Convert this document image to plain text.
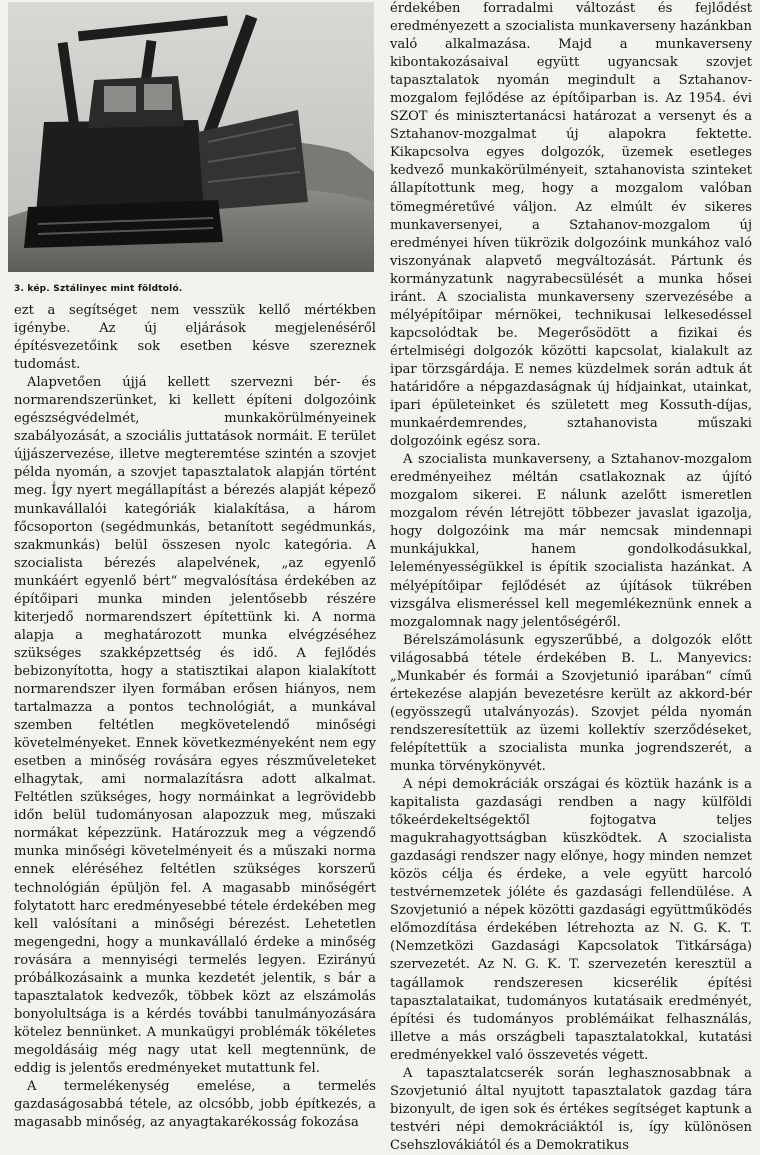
3. kép. Sztálinyec mint földtoló.

ezt a segítséget nem vesszük kellő mértékben igénybe. Az új eljárások megjelenéséről építésvezetőink sok esetben késve szereznek tudomást.

Alapvetően újjá kellett szervezni bér- és normarendszerünket, ki kellett építeni dolgozóink egészségvédelmét, munkakörülményeinek szabályozását, a szociális juttatások normáit. E terület újjászervezése, illetve megteremtése szintén a szovjet példa nyomán, a szovjet tapasztalatok alapján történt meg. Így nyert megállapítást a bérezés alapját képező munkavállalói kategóriák kialakítása, a három főcsoporton (segédmunkás, betanított segédmunkás, szakmunkás) belül összesen nyolc kategória. A szocialista bérezés alapelvének, „az egyenlő munkáért egyenlő bért“ megvalósítása érdekében az építőipari munka minden jelentősebb részére kiterjedő normarendszert építettünk ki. A norma alapja a meghatározott munka elvégzéséhez szükséges szakképzettség és idő. A fejlődés bebizonyította, hogy a statisztikai alapon kialakított normarendszer ilyen formában erősen hiányos, nem tartalmazza a pontos technológiát, a munkával szemben feltétlen megkövetelendő minőségi követelményeket. Ennek következményeként nem egy esetben a minőség rovására egyes részműveleteket elhagytak, ami normalazításra adott alkalmat. Feltétlen szükséges, hogy normáinkat a legrövidebb időn belül tudományosan alapozzuk meg, műszaki normákat képezzünk. Határozzuk meg a végzendő munka minőségi követelményeit és a műszaki norma ennek eléréséhez feltétlen szükséges korszerű technológián épüljön fel. A magasabb minőségért folytatott harc eredményesebbé tétele érdekében meg kell valósítani a minőségi bérezést. Lehetetlen megengedni, hogy a munkavállaló érdeke a minőség rovására a mennyiségi termelés legyen. Ezirányú próbálkozásaink a munka kezdetét jelentik, s bár a tapasztalatok kedvezők, többek közt az elszámolás bonyolultsága is a kérdés további tanulmányozására kötelez bennünket. A munkaügyi problémák tökéletes megoldásáig még nagy utat kell megtennünk, de eddig is jelentős eredményeket mutattunk fel.

A termelékenység emelése, a termelés gazdaságosabbá tétele, az olcsóbb, jobb építkezés, a magasabb minőség, az anyagtakarékosság fokozása

érdekében forradalmi változást és fejlődést eredményezett a szocialista munkaverseny hazánkban való alkalmazása. Majd a munkaverseny kibontakozásaival együtt ugyancsak szovjet tapasztalatok nyomán megindult a Sztahanov-mozgalom fejlődése az építőiparban is. Az 1954. évi SZOT és minisztertanácsi határozat a versenyt és a Sztahanov-mozgalmat új alapokra fektette. Kikapcsolva egyes dolgozók, üzemek esetleges kedvező munkakörülményeit, sztahanovista szinteket állapítottunk meg, hogy a mozgalom valóban tömegméretűvé váljon. Az elmúlt év sikeres munkaversenyei, a Sztahanov-mozgalom új eredményei híven tükrözik dolgozóink munkához való viszonyának alapvető megváltozását. Pártunk és kormányzatunk nagyrabecsülését a munka hősei iránt. A szocialista munkaverseny szervezésébe a mélyépítőipar mérnökei, technikusai lelkesedéssel kapcsolódtak be. Megerősödött a fizikai és értelmiségi dolgozók közötti kapcsolat, kialakult az ipar törzsgárdája. E nemes küzdelmek során adtuk át határidőre a népgazdaságnak új hídjainkat, utainkat, ipari épületeinket és született meg Kossuth-díjas, munkaérdemrendes, sztahanovista műszaki dolgozóink egész sora.

A szocialista munkaverseny, a Sztahanov-mozgalom eredményeihez méltán csatlakoznak az újító mozgalom sikerei. E nálunk azelőtt ismeretlen mozgalom révén létrejött többezer javaslat igazolja, hogy dolgozóink ma már nemcsak mindennapi munkájukkal, hanem gondolkodásukkal, leleményességükkel is építik szocialista hazánkat. A mélyépítőipar fejlődését az újítások tükrében vizsgálva elismeréssel kell megemlékeznünk ennek a mozgalomnak nagy jelentőségéről.

Bérelszámolásunk egyszerűbbé, a dolgozók előtt világosabbá tétele érdekében B. L. Manyevics: „Munkabér és formái a Szovjetunió iparában“ című értekezése alapján bevezetésre került az akkord-bér (egyösszegű utalványozás). Szovjet példa nyomán rendszeresítettük az üzemi kollektív szerződéseket, felépítettük a szocialista munka jogrendszerét, a munka törvénykönyvét.

A népi demokráciák országai és köztük hazánk is a kapitalista gazdasági rendben a nagy külföldi tőkeérdekeltségektől fojtogatva teljes magukrahagyottságban küszködtek. A szocialista gazdasági rendszer nagy előnye, hogy minden nemzet közös célja és érdeke, a vele együtt harcoló testvérnemzetek jóléte és gazdasági fellendülése. A Szovjetunió a népek közötti gazdasági együttműködés előmozdítása érdekében létrehozta az N. G. K. T. (Nemzetközi Gazdasági Kapcsolatok Titkársága) szervezetét. Az N. G. K. T. szervezetén keresztül a tagállamok rendszeresen kicserélik építési tapasztalataikat, tudományos kutatásaik eredményét, építési és tudományos problémáikat felhasználás, illetve a más országbeli tapasztalatokkal, kutatási eredményekkel való összevetés végett.

A tapasztalatcserék során leghasznosabbnak a Szovjetunió által nyujtott tapasztalatok gazdag tára bizonyult, de igen sok és értékes segítséget kaptunk a testvéri népi demokráciáktól is, így különösen Csehszlovákiától és a Demokratikus
